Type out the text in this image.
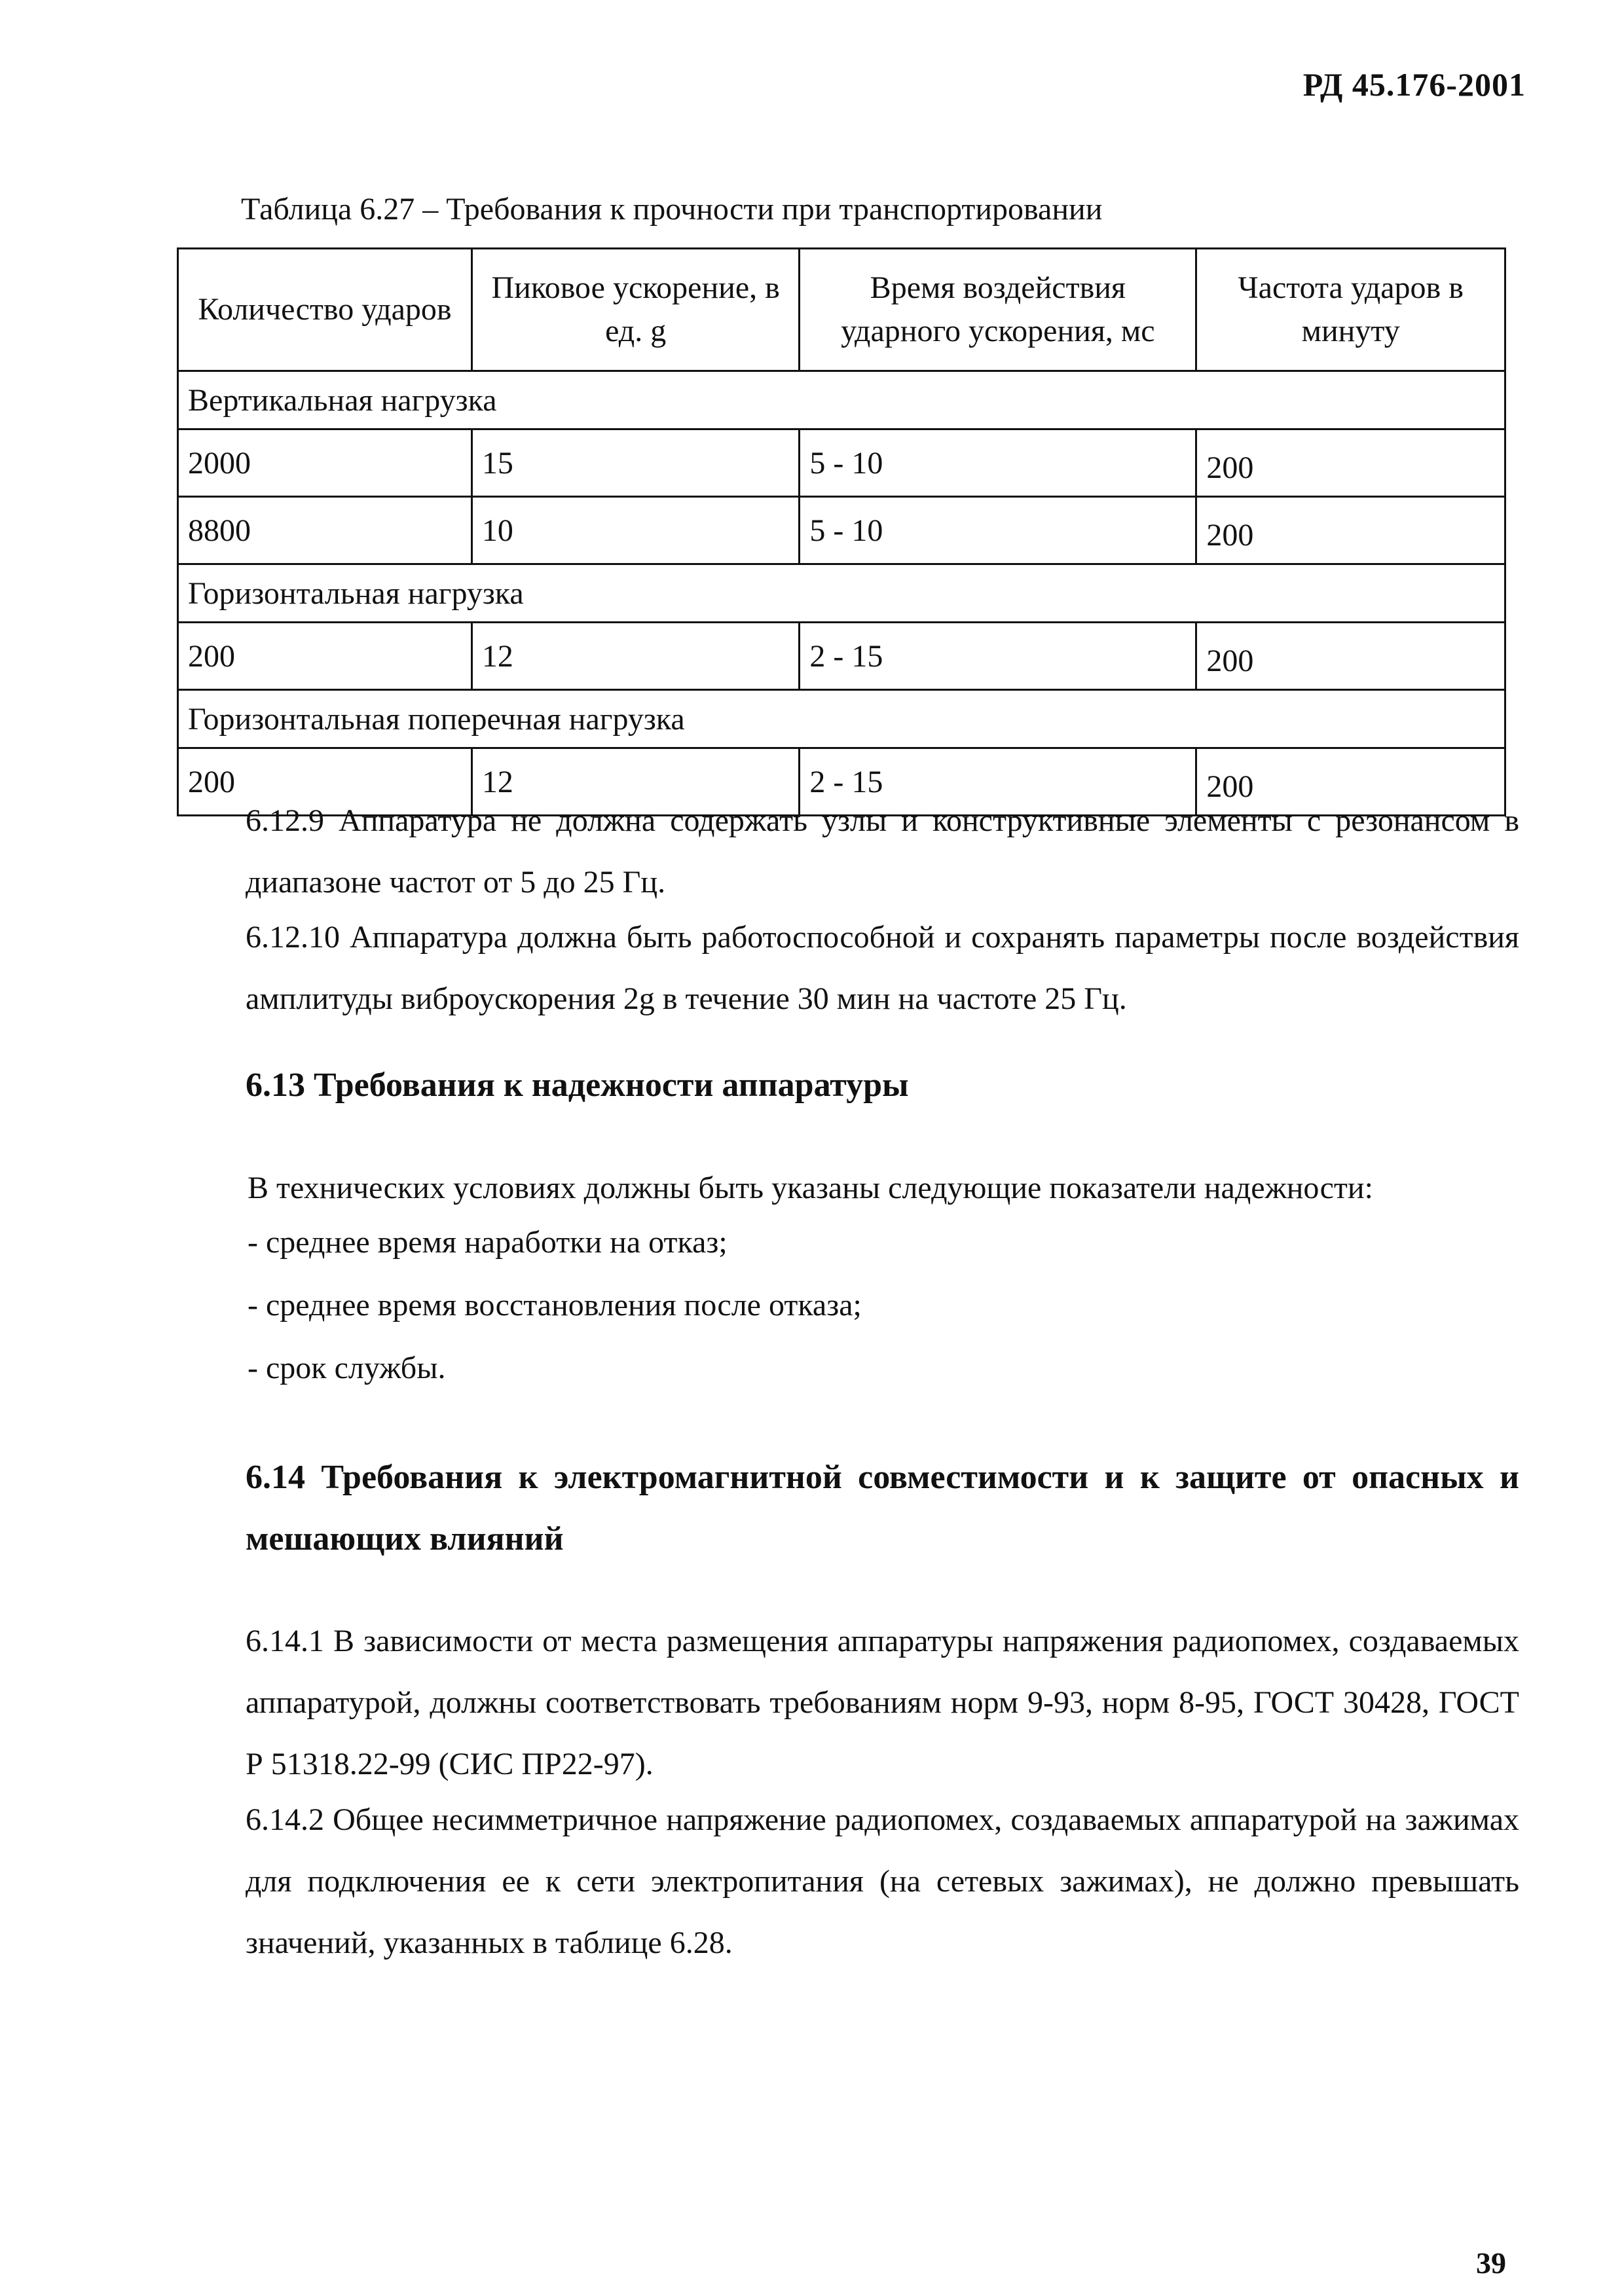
РД 45.176-2001
Таблица 6.27 – Требования к прочности при транспортировании
Количество ударов	Пиковое ускорение, в ед. g	Время воздействия ударного ускорения, мс	Частота ударов в минуту
Вертикальная нагрузка			
2000	15	5 - 10	200
8800	10	5 - 10	200
Горизонтальная нагрузка			
200	12	2 - 15	200
Горизонтальная поперечная нагрузка			
200	12	2 - 15	200
6.12.9 Аппаратура не должна содержать узлы и конструктивные элементы с резонансом в диапазоне частот от 5 до 25 Гц.
6.12.10 Аппаратура должна быть работоспособной и сохранять параметры после воздействия амплитуды виброускорения 2g в течение 30 мин на частоте 25 Гц.
6.13 Требования к надежности аппаратуры
В технических условиях должны быть указаны следующие показатели надежности:
- среднее время наработки на отказ;
- среднее время восстановления после отказа;
- срок службы.
6.14 Требования к электромагнитной совместимости и к защите от опасных и мешающих влияний
6.14.1 В зависимости от места размещения аппаратуры напряжения радиопомех, создаваемых аппаратурой, должны соответствовать требованиям норм 9-93, норм 8-95, ГОСТ 30428, ГОСТ Р 51318.22-99 (СИС ПР22-97).
6.14.2 Общее несимметричное напряжение радиопомех, создаваемых аппаратурой на зажимах для подключения ее к сети электропитания (на сетевых зажимах), не должно превышать значений, указанных в таблице 6.28.
39
